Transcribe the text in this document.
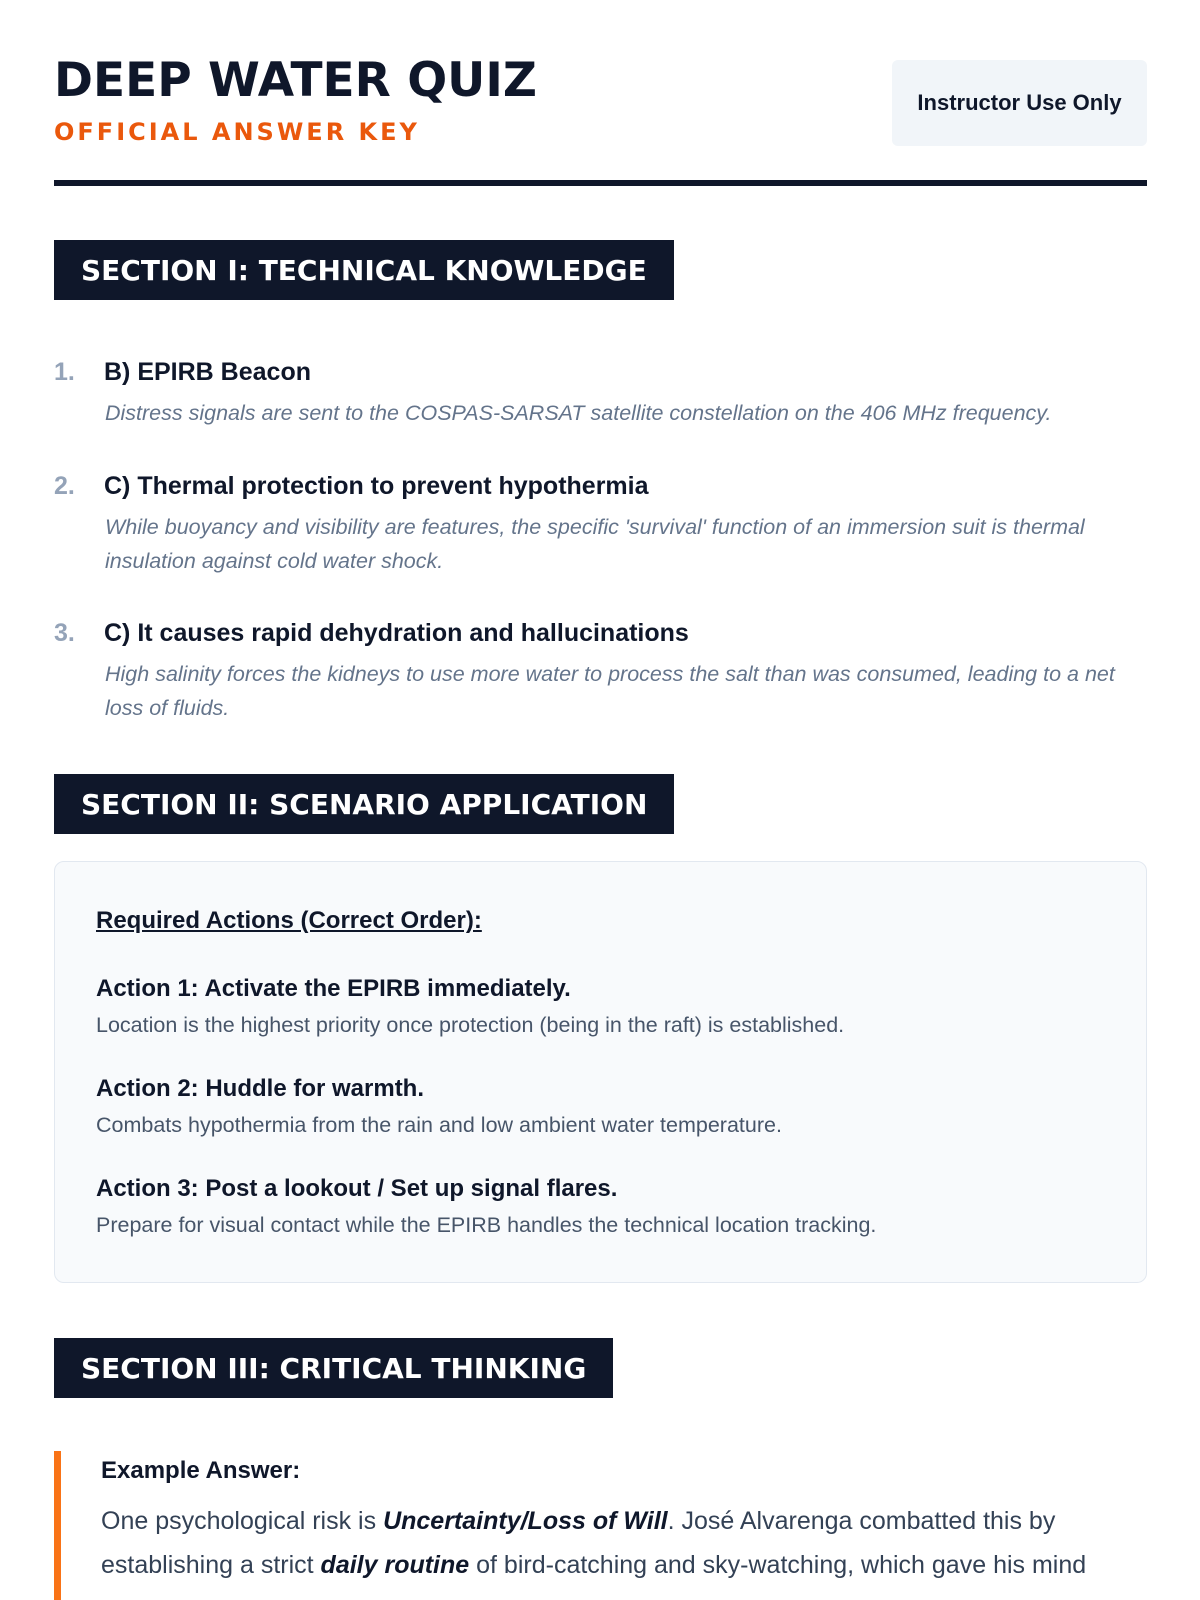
DEEP WATER QUIZ
OFFICIAL ANSWER KEY
Instructor Use Only
SECTION I: TECHNICAL KNOWLEDGE
1. B) EPIRB Beacon
Distress signals are sent to the COSPAS-SARSAT satellite constellation on the 406 MHz frequency.
2. C) Thermal protection to prevent hypothermia
While buoyancy and visibility are features, the specific 'survival' function of an immersion suit is thermal insulation against cold water shock.
3. C) It causes rapid dehydration and hallucinations
High salinity forces the kidneys to use more water to process the salt than was consumed, leading to a net loss of fluids.
SECTION II: SCENARIO APPLICATION
Required Actions (Correct Order):
Action 1: Activate the EPIRB immediately.
Location is the highest priority once protection (being in the raft) is established.
Action 2: Huddle for warmth.
Combats hypothermia from the rain and low ambient water temperature.
Action 3: Post a lookout / Set up signal flares.
Prepare for visual contact while the EPIRB handles the technical location tracking.
SECTION III: CRITICAL THINKING
Example Answer:
One psychological risk is Uncertainty/Loss of Will. José Alvarenga combatted this by establishing a strict daily routine of bird-catching and sky-watching, which gave his mind
